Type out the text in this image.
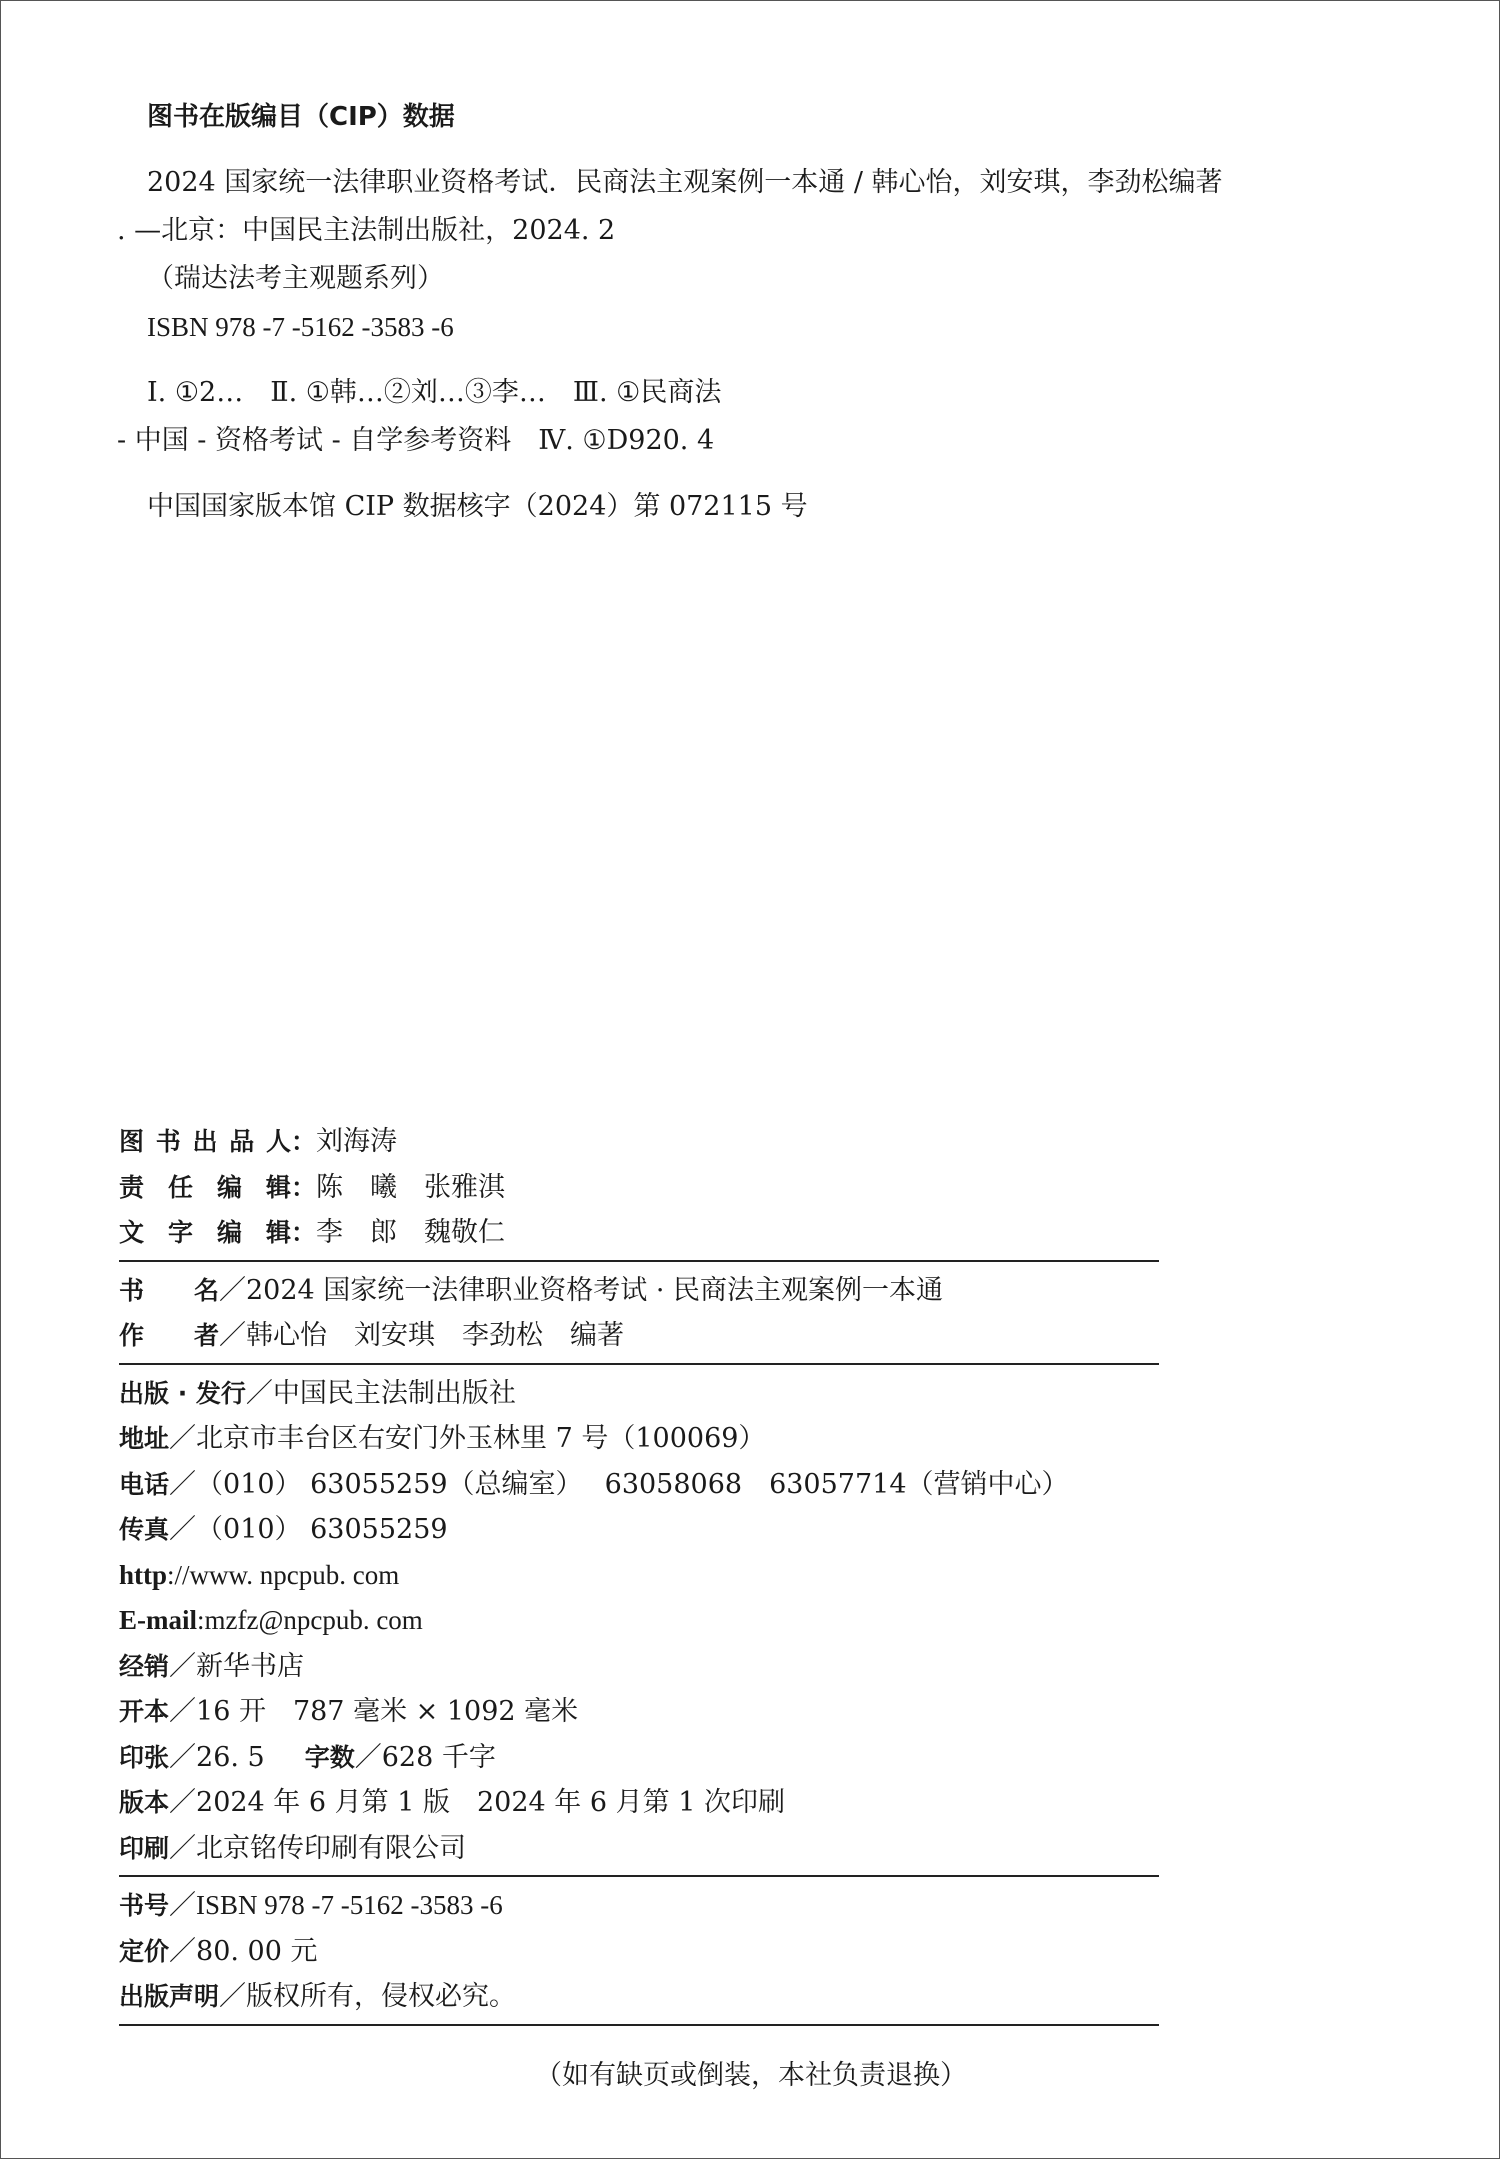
图书在版编目（CIP）数据
2024 国家统一法律职业资格考试．民商法主观案例一本通 / 韩心怡，刘安琪，李劲松编著
. —北京：中国民主法制出版社，2024. 2
（瑞达法考主观题系列）
ISBN 978 -7 -5162 -3583 -6
Ⅰ. ①2…　Ⅱ. ①韩…②刘…③李…　Ⅲ. ①民商法
- 中国 - 资格考试 - 自学参考资料　Ⅳ. ①D920. 4
中国国家版本馆 CIP 数据核字（2024）第 072115 号
图书出品人：刘海涛
责任编辑：陈　曦　张雅淇
文字编辑：李　郎　魏敬仁
书　名／2024 国家统一法律职业资格考试 · 民商法主观案例一本通
作　者／韩心怡　刘安琪　李劲松　编著
出版 · 发行／中国民主法制出版社
地址／北京市丰台区右安门外玉林里 7 号（100069）
电话／（010） 63055259（总编室）　 63058068　63057714（营销中心）
传真／（010） 63055259
http://www. npcpub. com
E-mail:mzfz@npcpub. com
经销／新华书店
开本／16 开　787 毫米 × 1092 毫米
印张／26. 5 字数／628 千字
版本／2024 年 6 月第 1 版　2024 年 6 月第 1 次印刷
印刷／北京铭传印刷有限公司
书号／ISBN 978 -7 -5162 -3583 -6
定价／80. 00 元
出版声明／版权所有，侵权必究。
（如有缺页或倒装，本社负责退换）
